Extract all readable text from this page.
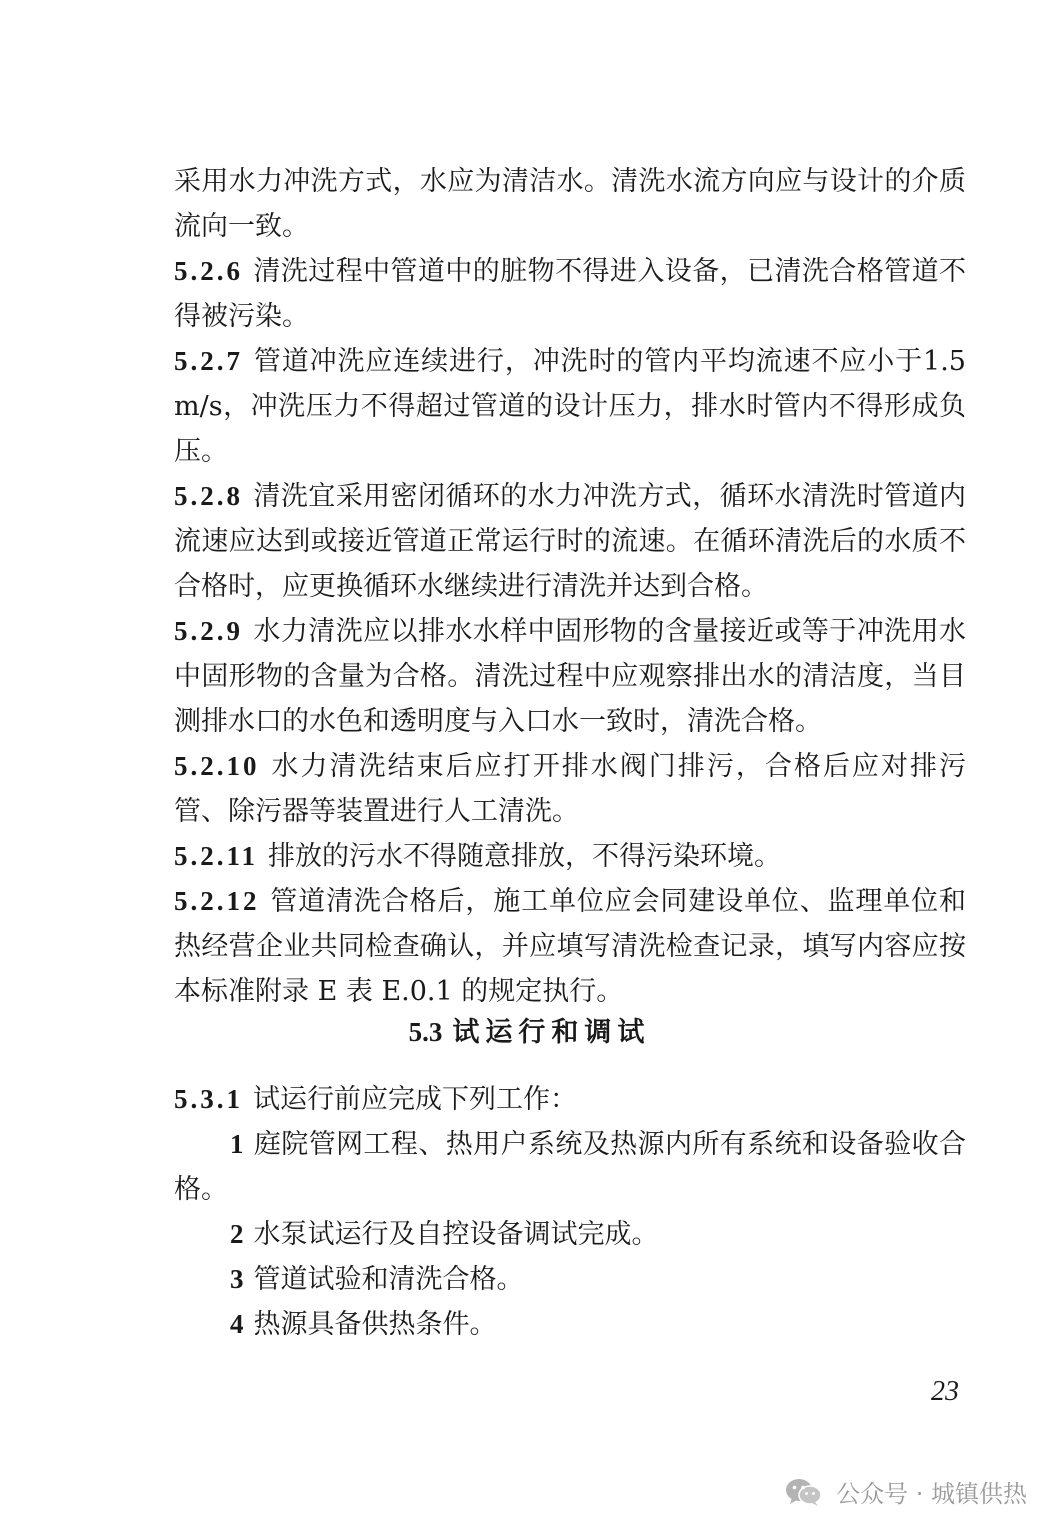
采用水力冲洗方式，水应为清洁水。清洗水流方向应与设计的介质流向一致。

5.2.6 清洗过程中管道中的脏物不得进入设备，已清洗合格管道不得被污染。

5.2.7 管道冲洗应连续进行，冲洗时的管内平均流速不应小于1.5m/s，冲洗压力不得超过管道的设计压力，排水时管内不得形成负压。

5.2.8 清洗宜采用密闭循环的水力冲洗方式，循环水清洗时管道内流速应达到或接近管道正常运行时的流速。在循环清洗后的水质不合格时，应更换循环水继续进行清洗并达到合格。

5.2.9 水力清洗应以排水水样中固形物的含量接近或等于冲洗用水中固形物的含量为合格。清洗过程中应观察排出水的清洁度，当目测排水口的水色和透明度与入口水一致时，清洗合格。

5.2.10 水力清洗结束后应打开排水阀门排污，合格后应对排污管、除污器等装置进行人工清洗。

5.2.11 排放的污水不得随意排放，不得污染环境。

5.2.12 管道清洗合格后，施工单位应会同建设单位、监理单位和热经营企业共同检查确认，并应填写清洗检查记录，填写内容应按本标准附录 E 表 E.0.1 的规定执行。

5.3 试运行和调试

5.3.1 试运行前应完成下列工作：

1 庭院管网工程、热用户系统及热源内所有系统和设备验收合格。

2 水泵试运行及自控设备调试完成。

3 管道试验和清洗合格。

4 热源具备供热条件。

23
公众号 · 城镇供热
